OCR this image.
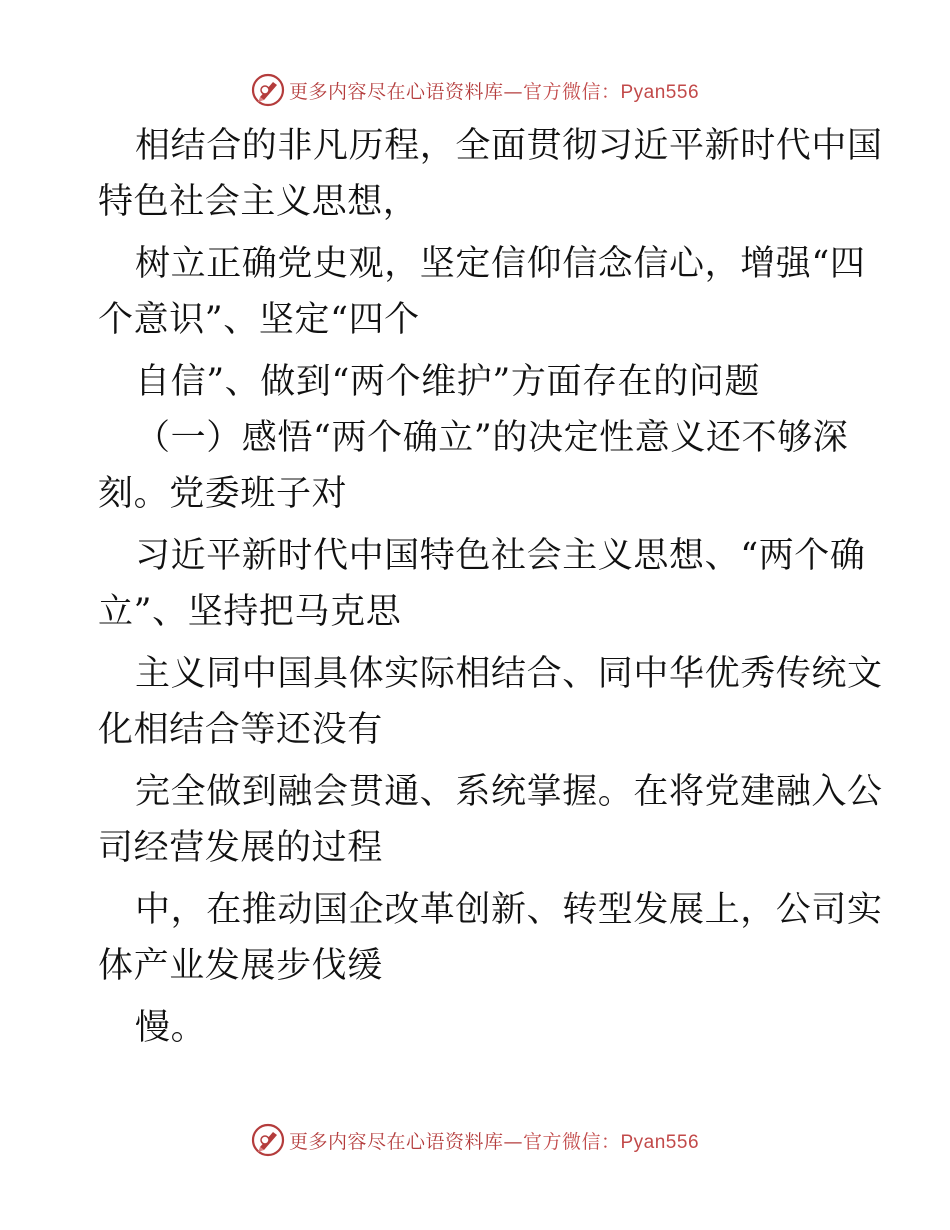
更多内容尽在心语资料库—官方微信：Pyan556
相结合的非凡历程，全面贯彻习近平新时代中国
特色社会主义思想，
树立正确党史观，坚定信仰信念信心，增强“四
个意识”、坚定“四个
自信”、做到“两个维护”方面存在的问题
（一）感悟“两个确立”的决定性意义还不够深
刻。党委班子对
习近平新时代中国特色社会主义思想、“两个确
立”、坚持把马克思
主义同中国具体实际相结合、同中华优秀传统文
化相结合等还没有
完全做到融会贯通、系统掌握。在将党建融入公
司经营发展的过程
中，在推动国企改革创新、转型发展上，公司实
体产业发展步伐缓
慢。
更多内容尽在心语资料库—官方微信：Pyan556
